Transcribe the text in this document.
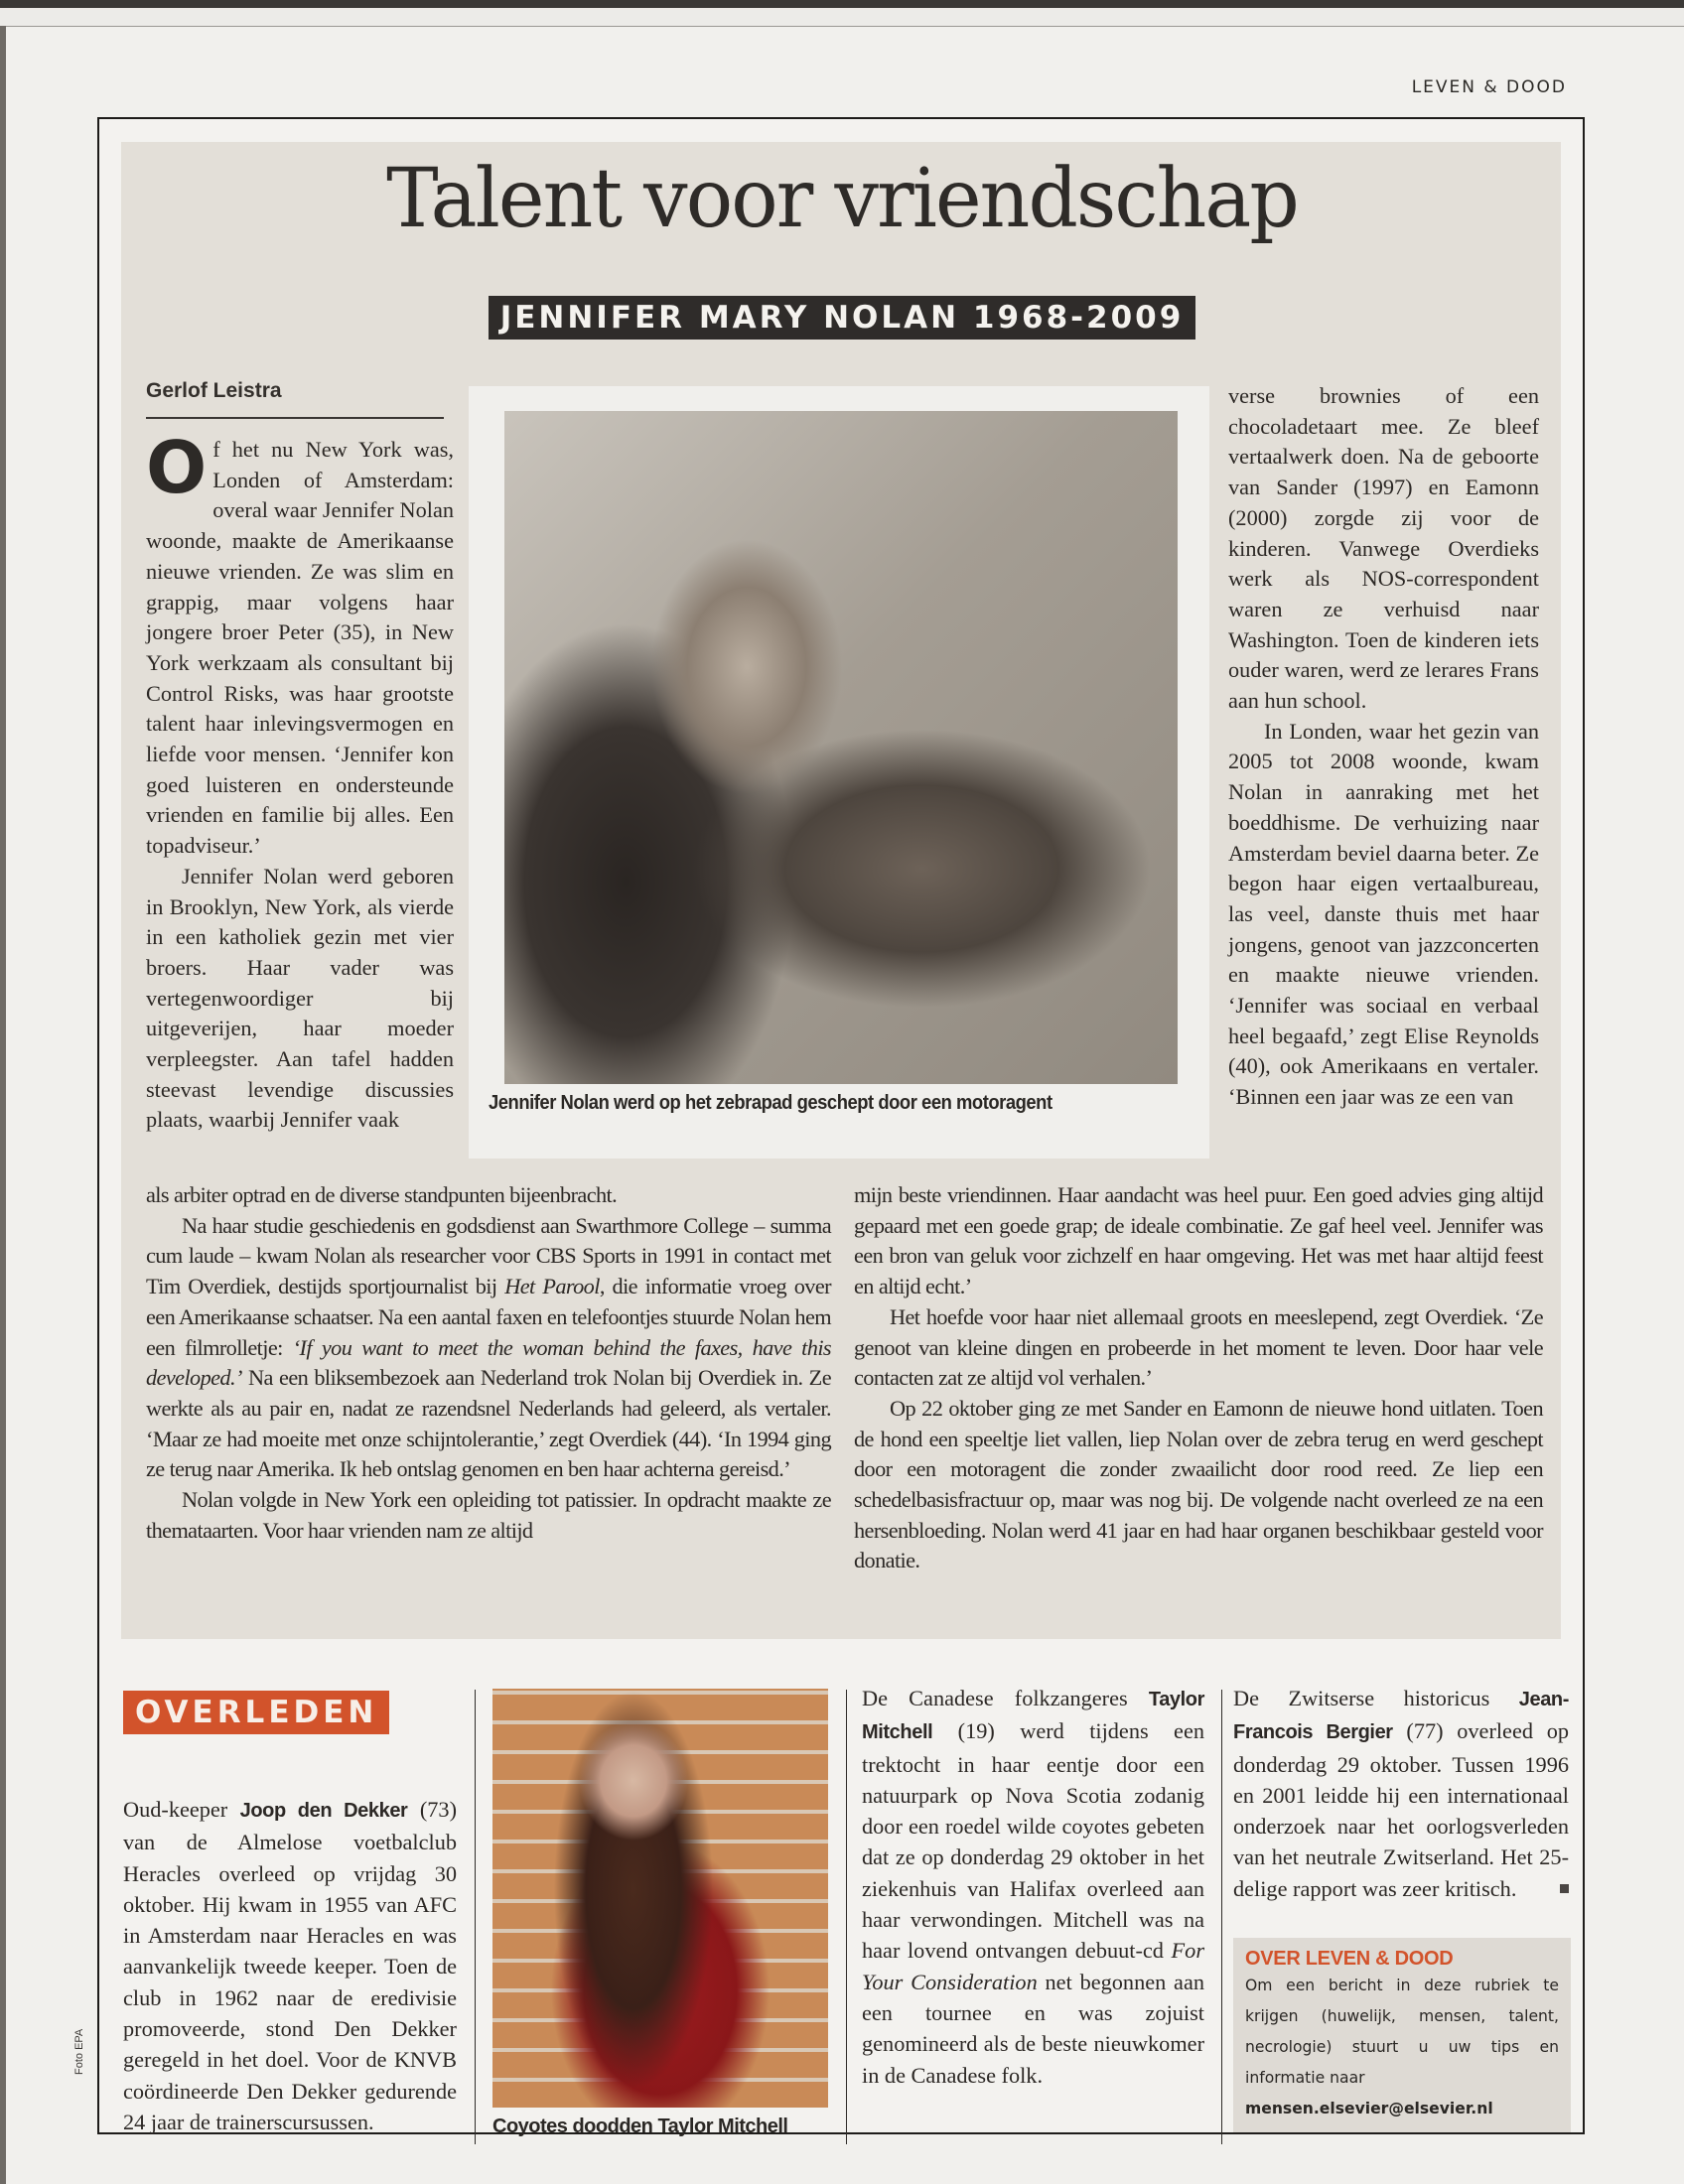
LEVEN & DOOD
Talent voor vriendschap
JENNIFER MARY NOLAN 1968-2009
Gerlof Leistra

Of het nu New York was, Londen of Amsterdam: overal waar Jennifer Nolan woonde, maakte de Amerikaanse nieuwe vrienden. Ze was slim en grappig, maar volgens haar jongere broer Peter (35), in New York werkzaam als consultant bij Control Risks, was haar grootste talent haar inlevingsvermogen en liefde voor mensen. ‘Jennifer kon goed luisteren en ondersteunde vrienden en familie bij alles. Een topadviseur.’

Jennifer Nolan werd geboren in Brooklyn, New York, als vierde in een katholiek gezin met vier broers. Haar vader was vertegenwoordiger bij uitgeverijen, haar moeder verpleegster. Aan tafel hadden steevast levendige discussies plaats, waarbij Jennifer vaak

Jennifer Nolan werd op het zebrapad geschept door een motoragent

verse brownies of een chocoladetaart mee. Ze bleef vertaalwerk doen. Na de geboorte van Sander (1997) en Eamonn (2000) zorgde zij voor de kinderen. Vanwege Overdieks werk als NOS-correspondent waren ze verhuisd naar Washington. Toen de kinderen iets ouder waren, werd ze lerares Frans aan hun school.

In Londen, waar het gezin van 2005 tot 2008 woonde, kwam Nolan in aanraking met het boeddhisme. De verhuizing naar Amsterdam beviel daarna beter. Ze begon haar eigen vertaalbureau, las veel, danste thuis met haar jongens, genoot van jazzconcerten en maakte nieuwe vrienden. ‘Jennifer was sociaal en verbaal heel begaafd,’ zegt Elise Reynolds (40), ook Amerikaans en vertaler. ‘Binnen een jaar was ze een van

als arbiter optrad en de diverse standpunten bijeenbracht.

Na haar studie geschiedenis en godsdienst aan Swarthmore College – summa cum laude – kwam Nolan als researcher voor CBS Sports in 1991 in contact met Tim Overdiek, destijds sportjournalist bij Het Parool, die informatie vroeg over een Amerikaanse schaatser. Na een aantal faxen en telefoontjes stuurde Nolan hem een filmrolletje: ‘If you want to meet the woman behind the faxes, have this developed.’ Na een bliksembezoek aan Nederland trok Nolan bij Overdiek in. Ze werkte als au pair en, nadat ze razendsnel Nederlands had geleerd, als vertaler. ‘Maar ze had moeite met onze schijntolerantie,’ zegt Overdiek (44). ‘In 1994 ging ze terug naar Amerika. Ik heb ontslag genomen en ben haar achterna gereisd.’

Nolan volgde in New York een opleiding tot patissier. In opdracht maakte ze themataarten. Voor haar vrienden nam ze altijd

mijn beste vriendinnen. Haar aandacht was heel puur. Een goed advies ging altijd gepaard met een goede grap; de ideale combinatie. Ze gaf heel veel. Jennifer was een bron van geluk voor zichzelf en haar omgeving. Het was met haar altijd feest en altijd echt.’

Het hoefde voor haar niet allemaal groots en meeslepend, zegt Overdiek. ‘Ze genoot van kleine dingen en probeerde in het moment te leven. Door haar vele contacten zat ze altijd vol verhalen.’

Op 22 oktober ging ze met Sander en Eamonn de nieuwe hond uitlaten. Toen de hond een speeltje liet vallen, liep Nolan over de zebra terug en werd geschept door een motoragent die zonder zwaailicht door rood reed. Ze liep een schedelbasisfractuur op, maar was nog bij. De volgende nacht overleed ze na een hersenbloeding. Nolan werd 41 jaar en had haar organen beschikbaar gesteld voor donatie.

OVERLEDEN
Oud-keeper Joop den Dekker (73) van de Almelose voetbalclub Heracles overleed op vrijdag 30 oktober. Hij kwam in 1955 van AFC in Amsterdam naar Heracles en was aanvankelijk tweede keeper. Toen de club in 1962 naar de eredivisie promoveerde, stond Den Dekker geregeld in het doel. Voor de KNVB coördineerde Den Dekker gedurende 24 jaar de trainerscursussen.	Coyotes doodden Taylor Mitchell
De Canadese folkzangeres Taylor Mitchell (19) werd tijdens een trektocht in haar eentje door een natuurpark op Nova Scotia zodanig door een roedel wilde coyotes gebeten dat ze op donderdag 29 oktober in het ziekenhuis van Halifax overleed aan haar verwondingen. Mitchell was na haar lovend ontvangen debuut-cd For Your Consideration net begonnen aan een tournee en was zojuist genomineerd als de beste nieuwkomer in de Canadese folk.
De Zwitserse historicus Jean-Francois Bergier (77) overleed op donderdag 29 oktober. Tussen 1996 en 2001 leidde hij een internationaal onderzoek naar het oorlogsverleden van het neutrale Zwitserland. Het 25-delige rapport was zeer kritisch.
OVER LEVEN & DOOD
Om een bericht in deze rubriek te krijgen (huwelijk, mensen, talent, necrologie) stuurt u uw tips en informatie naar
mensen.elsevier@elsevier.nl
Foto EPA
